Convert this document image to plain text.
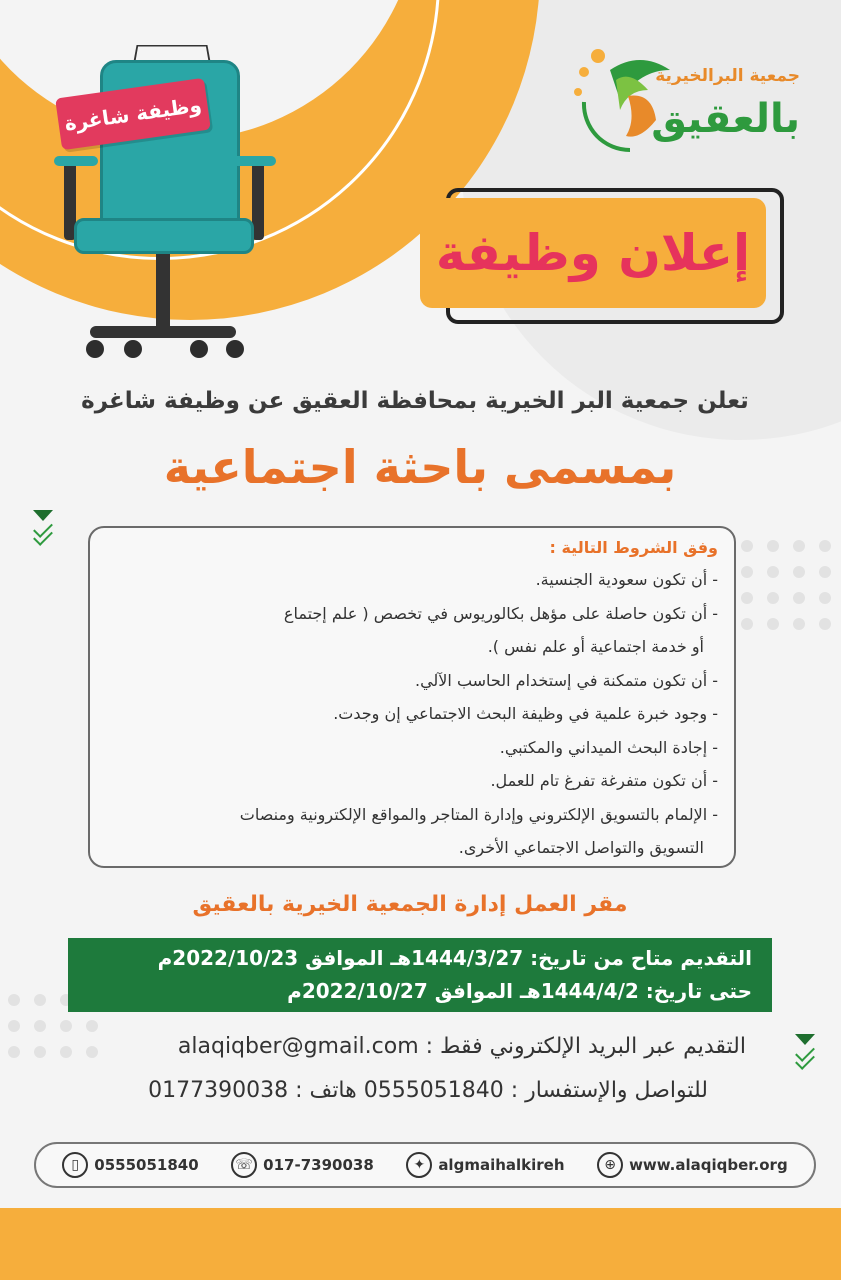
وظيفة شاغرة
جمعية البرالخيرية
بالعقيق
إعلان وظيفة
تعلن جمعية البر الخيرية بمحافظة العقيق عن وظيفة شاغرة
بمسمى باحثة اجتماعية
وفق الشروط التالية :
- أن تكون سعودية الجنسية.
- أن تكون حاصلة على مؤهل بكالوريوس في تخصص ( علم إجتماع
أو خدمة اجتماعية أو علم نفس ).
- أن تكون متمكنة في إستخدام الحاسب الآلي.
- وجود خبرة علمية في وظيفة البحث الاجتماعي إن وجدت.
- إجادة البحث الميداني والمكتبي.
- أن تكون متفرغة تفرغ تام للعمل.
- الإلمام بالتسويق الإلكتروني وإدارة المتاجر والمواقع الإلكترونية ومنصات
التسويق والتواصل الاجتماعي الأخرى.
مقر العمل إدارة الجمعية الخيرية بالعقيق
التقديم متاح من تاريخ: 1444/3/27هـ الموافق 2022/10/23م
حتى تاريخ: 1444/4/2هـ الموافق 2022/10/27م
التقديم عبر البريد الإلكتروني فقط : alaqiqber@gmail.com
للتواصل والإستفسار : 0555051840 هاتف : 0177390038
⊕ www.alaqiqber.org
✦ algmaihalkireh
☏ 017-7390038
▯	0555051840
